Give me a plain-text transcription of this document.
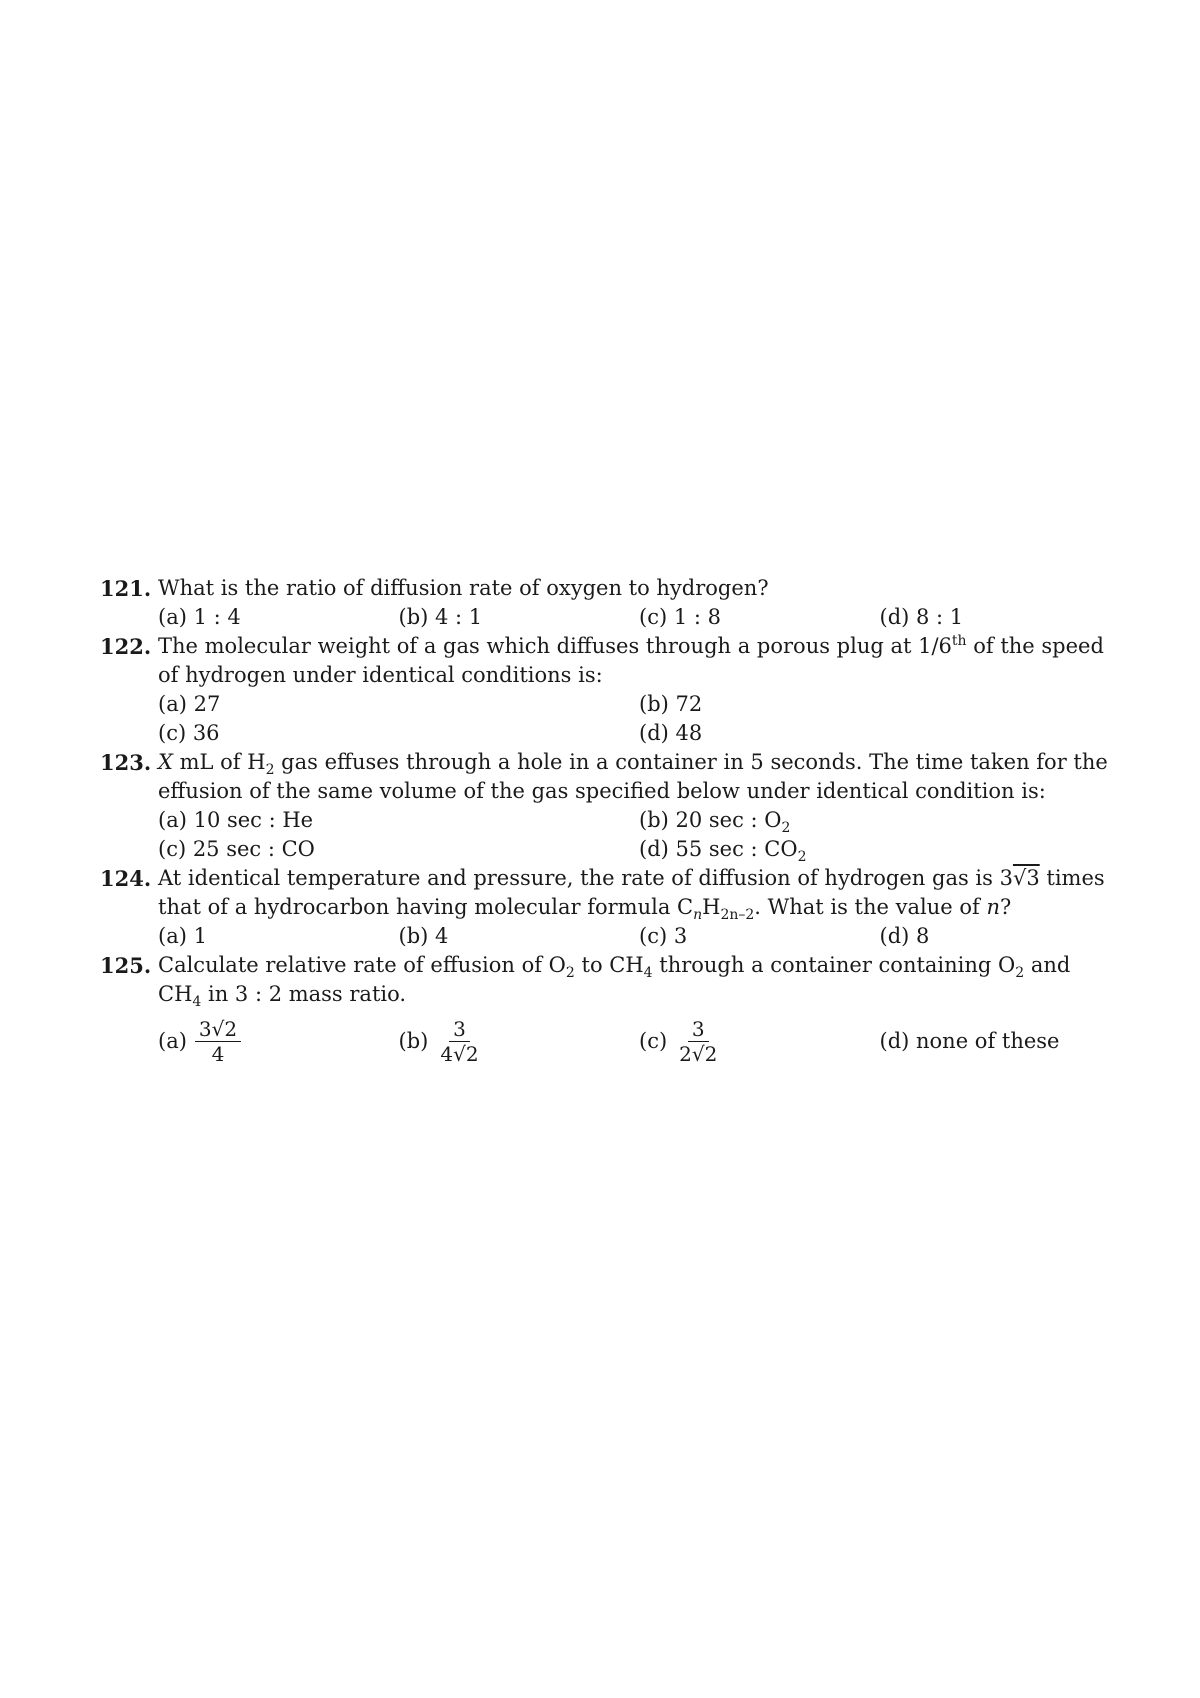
121. What is the ratio of diffusion rate of oxygen to hydrogen?
(a) 1 : 4	(b) 4 : 1	(c) 1 : 8	(d) 8 : 1
122. The molecular weight of a gas which diffuses through a porous plug at 1/6th of the speed of hydrogen under identical conditions is:
(a) 27	(b) 72
(c) 36	(d) 48
123. X mL of $H_2$ gas effuses through a hole in a container in 5 seconds. The time taken for the effusion of the same volume of the gas specified below under identical condition is:
(a) 10 sec : He	(b) 20 sec : $O_2$
(c) 25 sec : CO	(d) 55 sec : $CO_2$
124. At identical temperature and pressure, the rate of diffusion of hydrogen gas is 3√3 times that of a hydrocarbon having molecular formula $C_nH_{2n-2}$. What is the value of n?
(a) 1	(b) 4	(c) 3	(d) 8
125. Calculate relative rate of effusion of $O_2$ to $CH_4$ through a container containing $O_2$ and $CH_4$ in 3 : 2 mass ratio.
$(a) \frac{3√2}{4}$	$(b) \frac{3}{4√2}$	$(c) \frac{3}{2√2}$	(d) none of these
